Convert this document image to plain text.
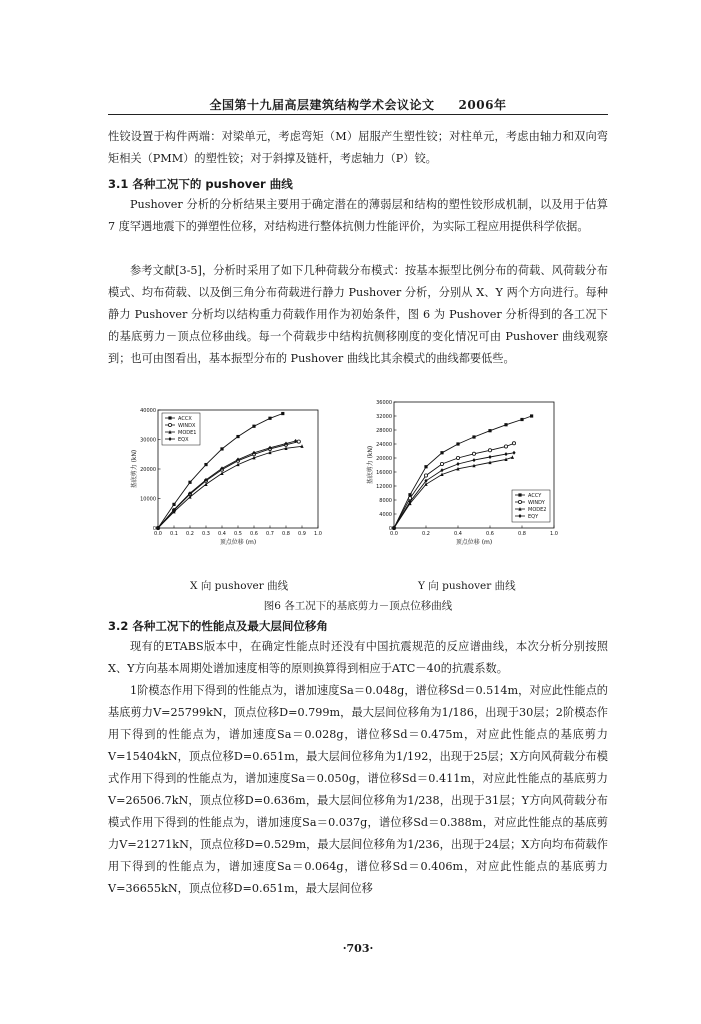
全国第十九届高层建筑结构学术会议论文 2006年

性铰设置于构件两端：对梁单元，考虑弯矩（M）屈服产生塑性铰；对柱单元，考虑由轴力和双向弯矩相关（PMM）的塑性铰；对于斜撑及链杆，考虑轴力（P）铰。

3.1 各种工况下的 pushover 曲线

Pushover 分析的分析结果主要用于确定潜在的薄弱层和结构的塑性铰形成机制，以及用于估算 7 度罕遇地震下的弹塑性位移，对结构进行整体抗侧力性能评价，为实际工程应用提供科学依据。

参考文献[3-5]，分析时采用了如下几种荷载分布模式：按基本振型比例分布的荷载、风荷载分布模式、均布荷载、以及倒三角分布荷载进行静力 Pushover 分析，分别从 X、Y 两个方向进行。每种静力 Pushover 分析均以结构重力荷载作用作为初始条件，图 6 为 Pushover 分析得到的各工况下的基底剪力－顶点位移曲线。每一个荷载步中结构抗侧移刚度的变化情况可由 Pushover 曲线观察到；也可由图看出，基本振型分布的 Pushover 曲线比其余模式的曲线都要低些。

0.0 0.1 0.2 0.3 0.4 0.5 0.6 0.7 0.8 0.9 1.0
0
10000
20000
30000
40000
顶点位移 (m)
基底剪力 (kN)
ACCX
WINDX
MODE1
EQX
0.0	0.2	0.4	0.6	0.8	1.0
0
4000
8000
12000
16000
20000
24000
28000
32000
36000
顶点位移 (m)
基底剪力 (kN)
ACCY
WINDY
MODE2
EQY
X 向 pushover 曲线	Y 向 pushover 曲线
图6 各工况下的基底剪力－顶点位移曲线

3.2 各种工况下的性能点及最大层间位移角

现有的ETABS版本中，在确定性能点时还没有中国抗震规范的反应谱曲线，本次分析分别按照X、Y方向基本周期处谱加速度相等的原则换算得到相应于ATC－40的抗震系数。

1阶模态作用下得到的性能点为，谱加速度Sa＝0.048g，谱位移Sd＝0.514m，对应此性能点的基底剪力V=25799kN，顶点位移D=0.799m，最大层间位移角为1/186，出现于30层；2阶模态作用下得到的性能点为，谱加速度Sa＝0.028g，谱位移Sd＝0.475m，对应此性能点的基底剪力V=15404kN，顶点位移D=0.651m，最大层间位移角为1/192，出现于25层；X方向风荷载分布模式作用下得到的性能点为，谱加速度Sa＝0.050g，谱位移Sd＝0.411m，对应此性能点的基底剪力V=26506.7kN，顶点位移D=0.636m，最大层间位移角为1/238，出现于31层；Y方向风荷载分布模式作用下得到的性能点为，谱加速度Sa＝0.037g，谱位移Sd＝0.388m，对应此性能点的基底剪力V=21271kN，顶点位移D=0.529m，最大层间位移角为1/236，出现于24层；X方向均布荷载作用下得到的性能点为，谱加速度Sa＝0.064g，谱位移Sd＝0.406m，对应此性能点的基底剪力V=36655kN，顶点位移D=0.651m，最大层间位移

·703·
